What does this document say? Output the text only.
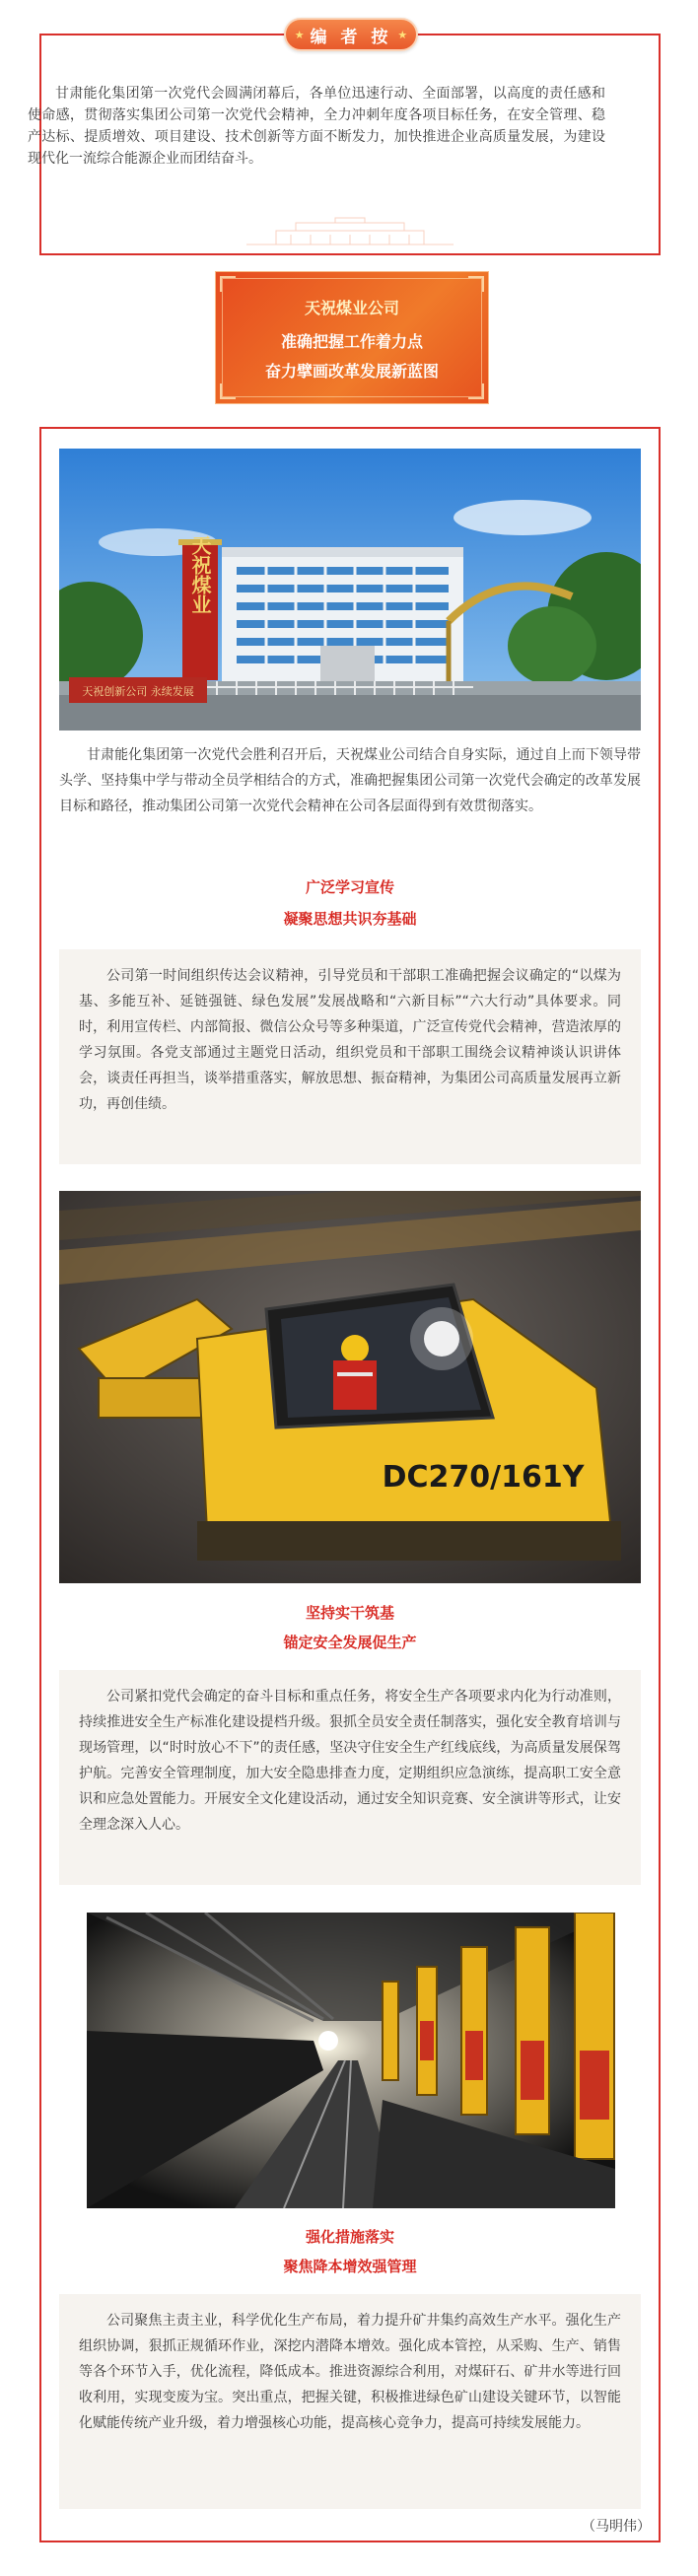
★ 编 者 按 ★

甘肃能化集团第一次党代会圆满闭幕后，各单位迅速行动、全面部署，以高度的责任感和使命感，贯彻落实集团公司第一次党代会精神，全力冲刺年度各项目标任务，在安全管理、稳产达标、提质增效、项目建设、技术创新等方面不断发力，加快推进企业高质量发展，为建设现代化一流综合能源企业而团结奋斗。

天祝煤业公司
准确把握工作着力点
奋力擘画改革发展新蓝图
天祝煤业
天祝创新公司 永续发展

甘肃能化集团第一次党代会胜利召开后，天祝煤业公司结合自身实际，通过自上而下领导带头学、坚持集中学与带动全员学相结合的方式，准确把握集团公司第一次党代会确定的改革发展目标和路径，推动集团公司第一次党代会精神在公司各层面得到有效贯彻落实。

广泛学习宣传
凝聚思想共识夯基础

公司第一时间组织传达会议精神，引导党员和干部职工准确把握会议确定的“以煤为基、多能互补、延链强链、绿色发展”发展战略和“六新目标”“六大行动”具体要求。同时，利用宣传栏、内部简报、微信公众号等多种渠道，广泛宣传党代会精神，营造浓厚的学习氛围。各党支部通过主题党日活动，组织党员和干部职工围绕会议精神谈认识讲体会，谈责任再担当，谈举措重落实，解放思想、振奋精神，为集团公司高质量发展再立新功，再创佳绩。

DC270/161Y
坚持实干筑基
锚定安全发展促生产

公司紧扣党代会确定的奋斗目标和重点任务，将安全生产各项要求内化为行动准则，持续推进安全生产标准化建设提档升级。狠抓全员安全责任制落实，强化安全教育培训与现场管理，以“时时放心不下”的责任感，坚决守住安全生产红线底线，为高质量发展保驾护航。完善安全管理制度，加大安全隐患排查力度，定期组织应急演练，提高职工安全意识和应急处置能力。开展安全文化建设活动，通过安全知识竞赛、安全演讲等形式，让安全理念深入人心。

强化措施落实
聚焦降本增效强管理

公司聚焦主责主业，科学优化生产布局，着力提升矿井集约高效生产水平。强化生产组织协调，狠抓正规循环作业，深挖内潜降本增效。强化成本管控，从采购、生产、销售等各个环节入手，优化流程，降低成本。推进资源综合利用，对煤矸石、矿井水等进行回收利用，实现变废为宝。突出重点，把握关键，积极推进绿色矿山建设关键环节，以智能化赋能传统产业升级，着力增强核心功能，提高核心竞争力，提高可持续发展能力。

（马明伟）
